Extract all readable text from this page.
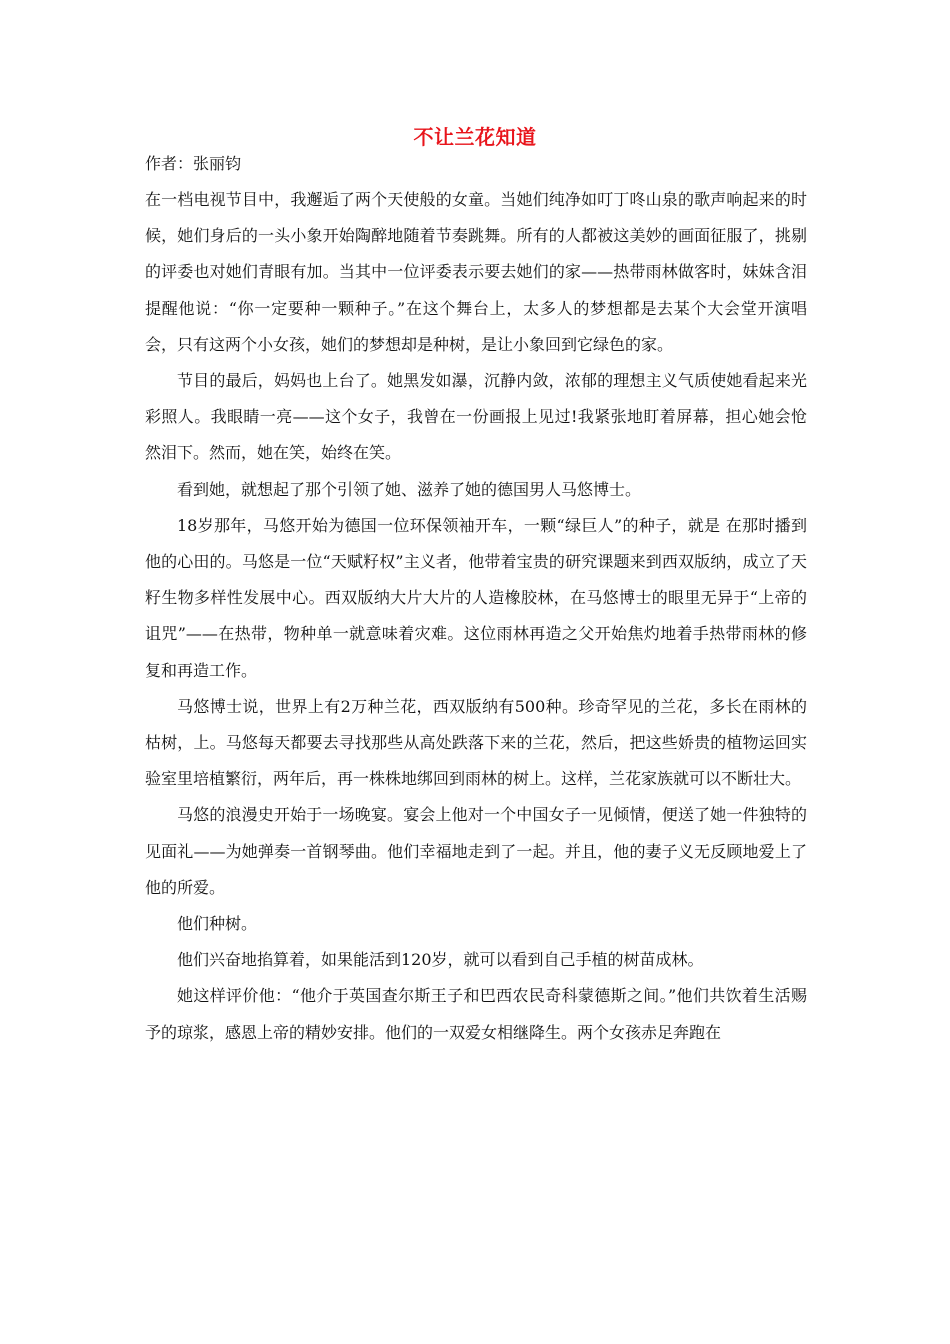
不让兰花知道
作者：张丽钧

在一档电视节目中，我邂逅了两个天使般的女童。当她们纯净如叮丁咚山泉的歌声响起来的时候，她们身后的一头小象开始陶醉地随着节奏跳舞。所有的人都被这美妙的画面征服了，挑剔的评委也对她们青眼有加。当其中一位评委表示要去她们的家——热带雨林做客时，妹妹含泪提醒他说：“你一定要种一颗种子。”在这个舞台上，太多人的梦想都是去某个大会堂开演唱会，只有这两个小女孩，她们的梦想却是种树，是让小象回到它绿色的家。

节目的最后，妈妈也上台了。她黑发如瀑，沉静内敛，浓郁的理想主义气质使她看起来光彩照人。我眼睛一亮——这个女子，我曾在一份画报上见过!我紧张地盯着屏幕，担心她会怆然泪下。然而，她在笑，始终在笑。

看到她，就想起了那个引领了她、滋养了她的德国男人马悠博士。

18岁那年，马悠开始为德国一位环保领袖开车，一颗“绿巨人”的种子，就是 在那时播到他的心田的。马悠是一位“天赋籽权”主义者，他带着宝贵的研究课题来到西双版纳，成立了天籽生物多样性发展中心。西双版纳大片大片的人造橡胶林，在马悠博士的眼里无异于“上帝的诅咒”——在热带，物种单一就意味着灾难。这位雨林再造之父开始焦灼地着手热带雨林的修复和再造工作。

马悠博士说，世界上有2万种兰花，西双版纳有500种。珍奇罕见的兰花，多长在雨林的枯树，上。马悠每天都要去寻找那些从高处跌落下来的兰花，然后，把这些娇贵的植物运回实验室里培植繁衍，两年后，再一株株地绑回到雨林的树上。这样，兰花家族就可以不断壮大。

马悠的浪漫史开始于一场晚宴。宴会上他对一个中国女子一见倾情，便送了她一件独特的见面礼——为她弹奏一首钢琴曲。他们幸福地走到了一起。并且，他的妻子义无反顾地爱上了他的所爱。

他们种树。

他们兴奋地掐算着，如果能活到120岁，就可以看到自己手植的树苗成林。

她这样评价他：“他介于英国查尔斯王子和巴西农民奇科蒙德斯之间。”他们共饮着生活赐予的琼浆，感恩上帝的精妙安排。他们的一双爱女相继降生。两个女孩赤足奔跑在
